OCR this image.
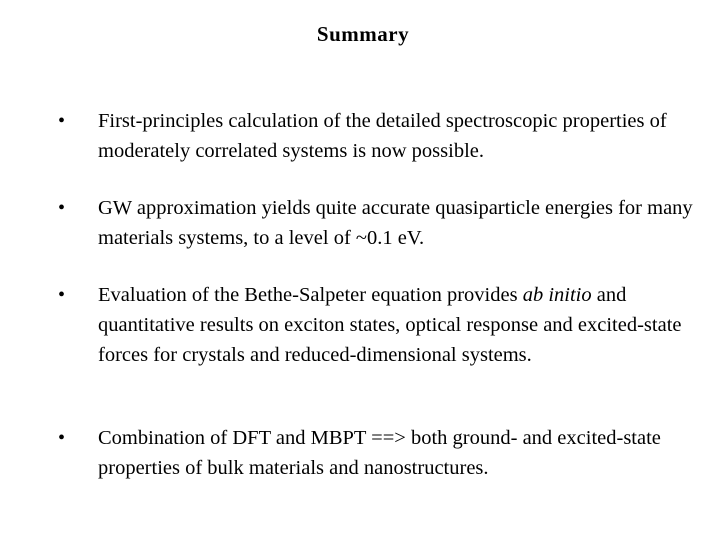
Summary
• First-principles calculation of the detailed spectroscopic properties of moderately correlated systems is now possible.
• GW approximation yields quite accurate quasiparticle energies for many materials systems, to a level of ~0.1 eV.
• Evaluation of the Bethe-Salpeter equation provides ab initio and quantitative results on exciton states, optical response and excited-state forces for crystals and reduced-dimensional systems.
• Combination of DFT and MBPT ==> both ground- and excited-state properties of bulk materials and nanostructures.
